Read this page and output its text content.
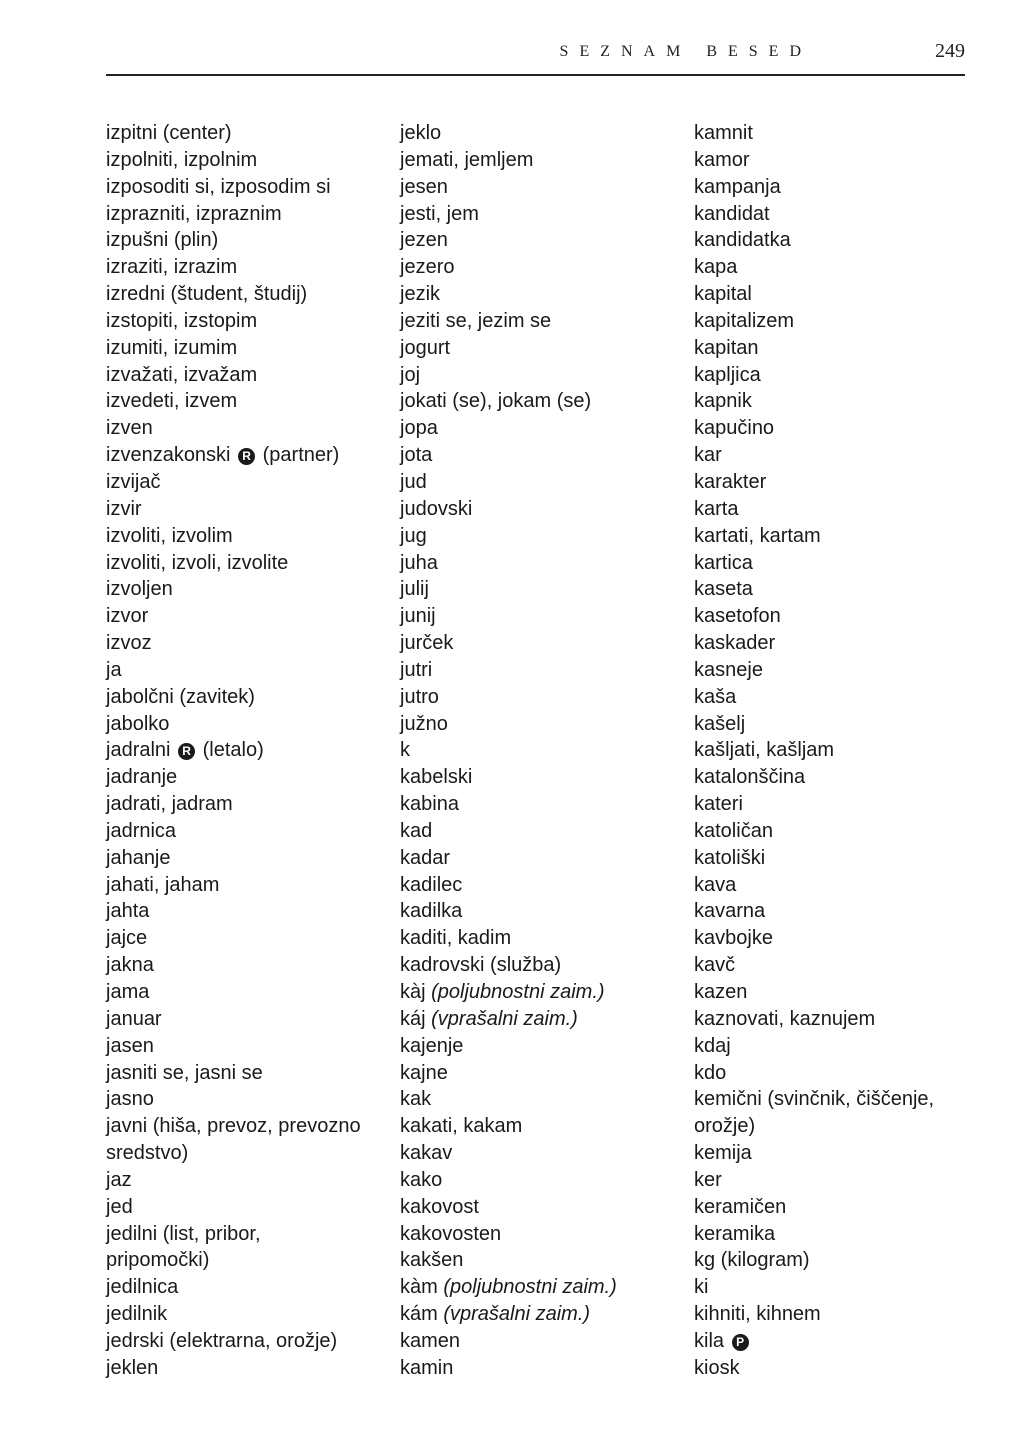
SEZNAM BESED	249
izpitni (center)
izpolniti, izpolnim
izposoditi si, izposodim si
izprazniti, izpraznim
izpušni (plin)
izraziti, izrazim
izredni (študent, študij)
izstopiti, izstopim
izumiti, izumim
izvažati, izvažam
izvedeti, izvem
izven
izvenzakonski R (partner)
izvijač
izvir
izvoliti, izvolim
izvoliti, izvoli, izvolite
izvoljen
izvor
izvoz
ja
jabolčni (zavitek)
jabolko
jadralni R (letalo)
jadranje
jadrati, jadram
jadrnica
jahanje
jahati, jaham
jahta
jajce
jakna
jama
januar
jasen
jasniti se, jasni se
jasno
javni (hiša, prevoz, prevozno
sredstvo)
jaz
jed
jedilni (list, pribor,
pripomočki)
jedilnica
jedilnik
jedrski (elektrarna, orožje)
jeklen
jeklo
jemati, jemljem
jesen
jesti, jem
jezen
jezero
jezik
jeziti se, jezim se
jogurt
joj
jokati (se), jokam (se)
jopa
jota
jud
judovski
jug
juha
julij
junij
jurček
jutri
jutro
južno
k
kabelski
kabina
kad
kadar
kadilec
kadilka
kaditi, kadim
kadrovski (služba)
kàj (poljubnostni zaim.)
káj (vprašalni zaim.)
kajenje
kajne
kak
kakati, kakam
kakav
kako
kakovost
kakovosten
kakšen
kàm (poljubnostni zaim.)
kám (vprašalni zaim.)
kamen
kamin
kamnit
kamor
kampanja
kandidat
kandidatka
kapa
kapital
kapitalizem
kapitan
kapljica
kapnik
kapučino
kar
karakter
karta
kartati, kartam
kartica
kaseta
kasetofon
kaskader
kasneje
kaša
kašelj
kašljati, kašljam
katalonščina
kateri
katoličan
katoliški
kava
kavarna
kavbojke
kavč
kazen
kaznovati, kaznujem
kdaj
kdo
kemični (svinčnik, čiščenje,
orožje)
kemija
ker
keramičen
keramika
kg (kilogram)
ki
kihniti, kihnem
kila P
kiosk
